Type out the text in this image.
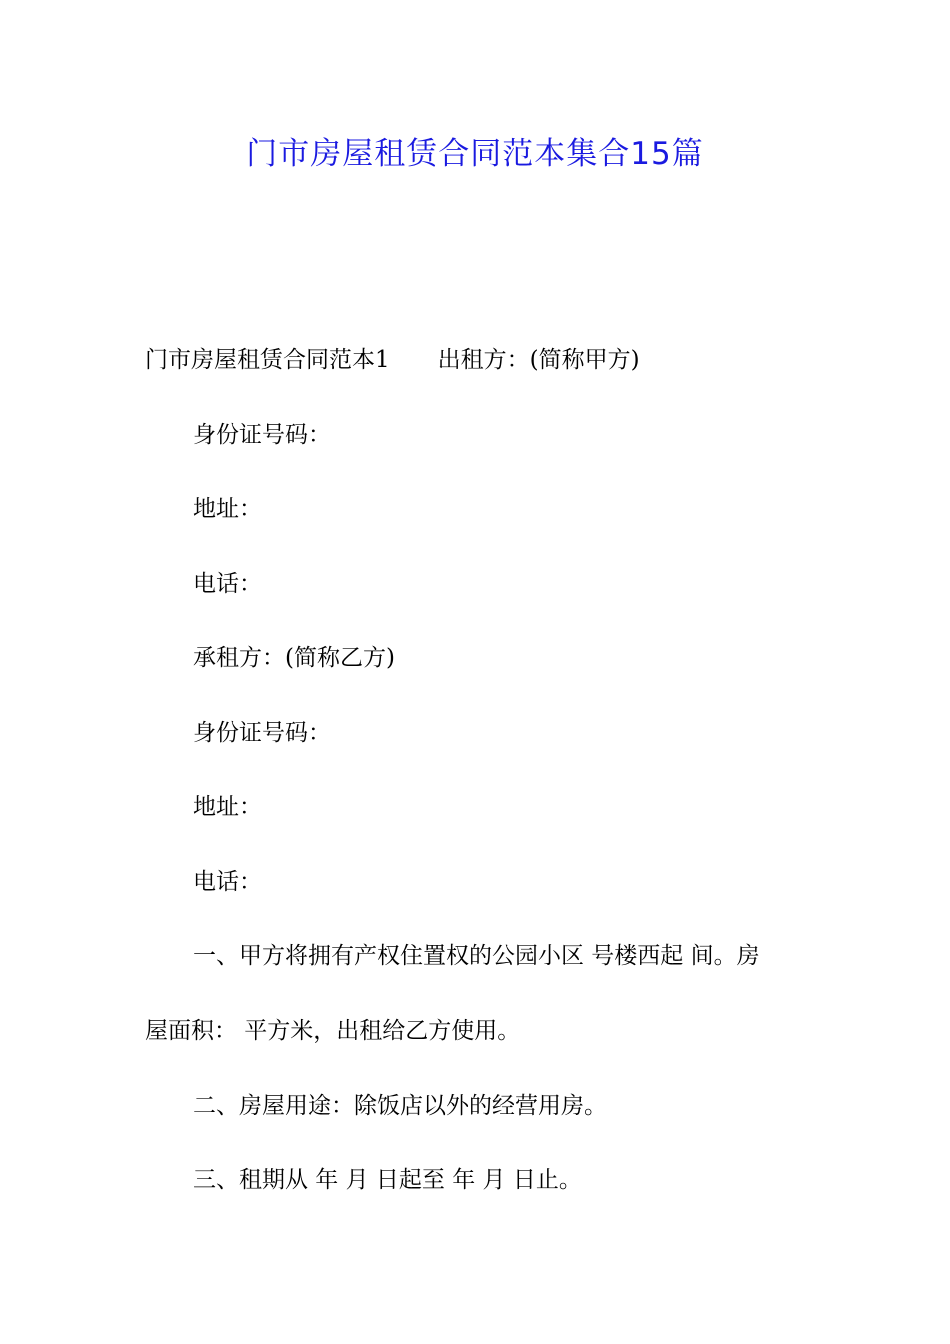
门市房屋租赁合同范本集合15篇
门市房屋租赁合同范本1 出租方：(简称甲方)
身份证号码：
地址：
电话：
承租方：(简称乙方)
身份证号码：
地址：
电话：
一、甲方将拥有产权住置权的公园小区 号楼西起 间。房
屋面积： 平方米，出租给乙方使用。
二、房屋用途：除饭店以外的经营用房。
三、租期从 年 月 日起至 年 月 日止。
